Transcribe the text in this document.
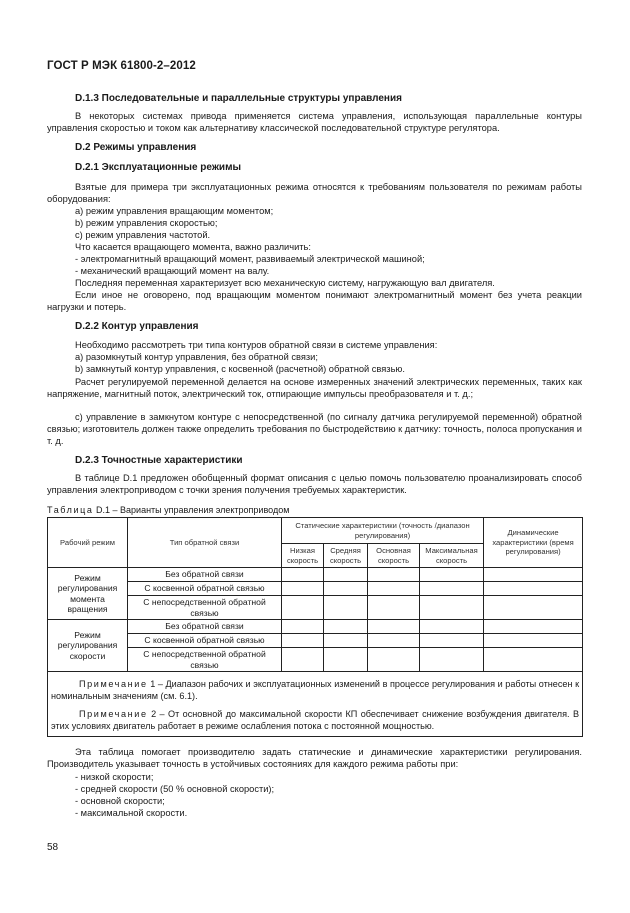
ГОСТ Р МЭК 61800-2–2012

D.1.3 Последовательные и параллельные структуры управления

В некоторых системах привода применяется система управления, использующая параллельные контуры управления скоростью и током как альтернативу классической последовательной структуре регулятора.

D.2 Режимы управления

D.2.1 Эксплуатационные режимы

Взятые для примера три эксплуатационных режима относятся к требованиям пользователя по режимам работы оборудования:

а) режим управления вращающим моментом;

b) режим управления скоростью;

c) режим управления частотой.

Что касается вращающего момента, важно различить:

- электромагнитный вращающий момент, развиваемый электрической машиной;

- механический вращающий момент на валу.

Последняя переменная характеризует всю механическую систему, нагружающую вал двигателя.

Если иное не оговорено, под вращающим моментом понимают электромагнитный момент без учета реакции нагрузки и потерь.

D.2.2 Контур управления

Необходимо рассмотреть три типа контуров обратной связи в системе управления:

а) разомкнутый контур управления, без обратной связи;

b) замкнутый контур управления, с косвенной (расчетной) обратной связью.

Расчет регулируемой переменной делается на основе измеренных значений электрических переменных, таких как напряжение, магнитный поток, электрический ток, отпирающие импульсы преобразователя и т. д.;

с) управление в замкнутом контуре с непосредственной (по сигналу датчика регулируемой переменной) обратной связью; изготовитель должен также определить требования по быстродействию к датчику: точность, полоса пропускания и т. д.

D.2.3 Точностные характеристики

В таблице D.1 предложен обобщенный формат описания с целью помочь пользователю проанализировать способ управления электроприводом с точки зрения получения требуемых характеристик.

Таблица D.1 – Варианты управления электроприводом
Рабочий режим	Тип обратной связи	Статические характеристики (точность /диапазон регулирования)				Динамические характеристики (время регулирования)
		Низкая скорость	Средняя скорость	Основная скорость	Максимальная скорость	
Режим регулирования момента вращения	Без обратной связи					
	С косвенной обратной связью					
	С непосредственной обратной связью					
Режим регулирования скорости	Без обратной связи					
	С косвенной обратной связью					
	С непосредственной обратной связью					

Примечание 1 – Диапазон рабочих и эксплуатационных изменений в процессе регулирования и работы отнесен к номинальным значениям (см. 6.1).

Примечание 2 – От основной до максимальной скорости КП обеспечивает снижение возбуждения двигателя. В этих условиях двигатель работает в режиме ослабления потока с постоянной мощностью.						

Эта таблица помогает производителю задать статические и динамические характеристики регулирования. Производитель указывает точность в устойчивых состояниях для каждого режима работы при:

- низкой скорости;

- средней скорости (50 % основной скорости);

- основной скорости;

- максимальной скорости.

58
